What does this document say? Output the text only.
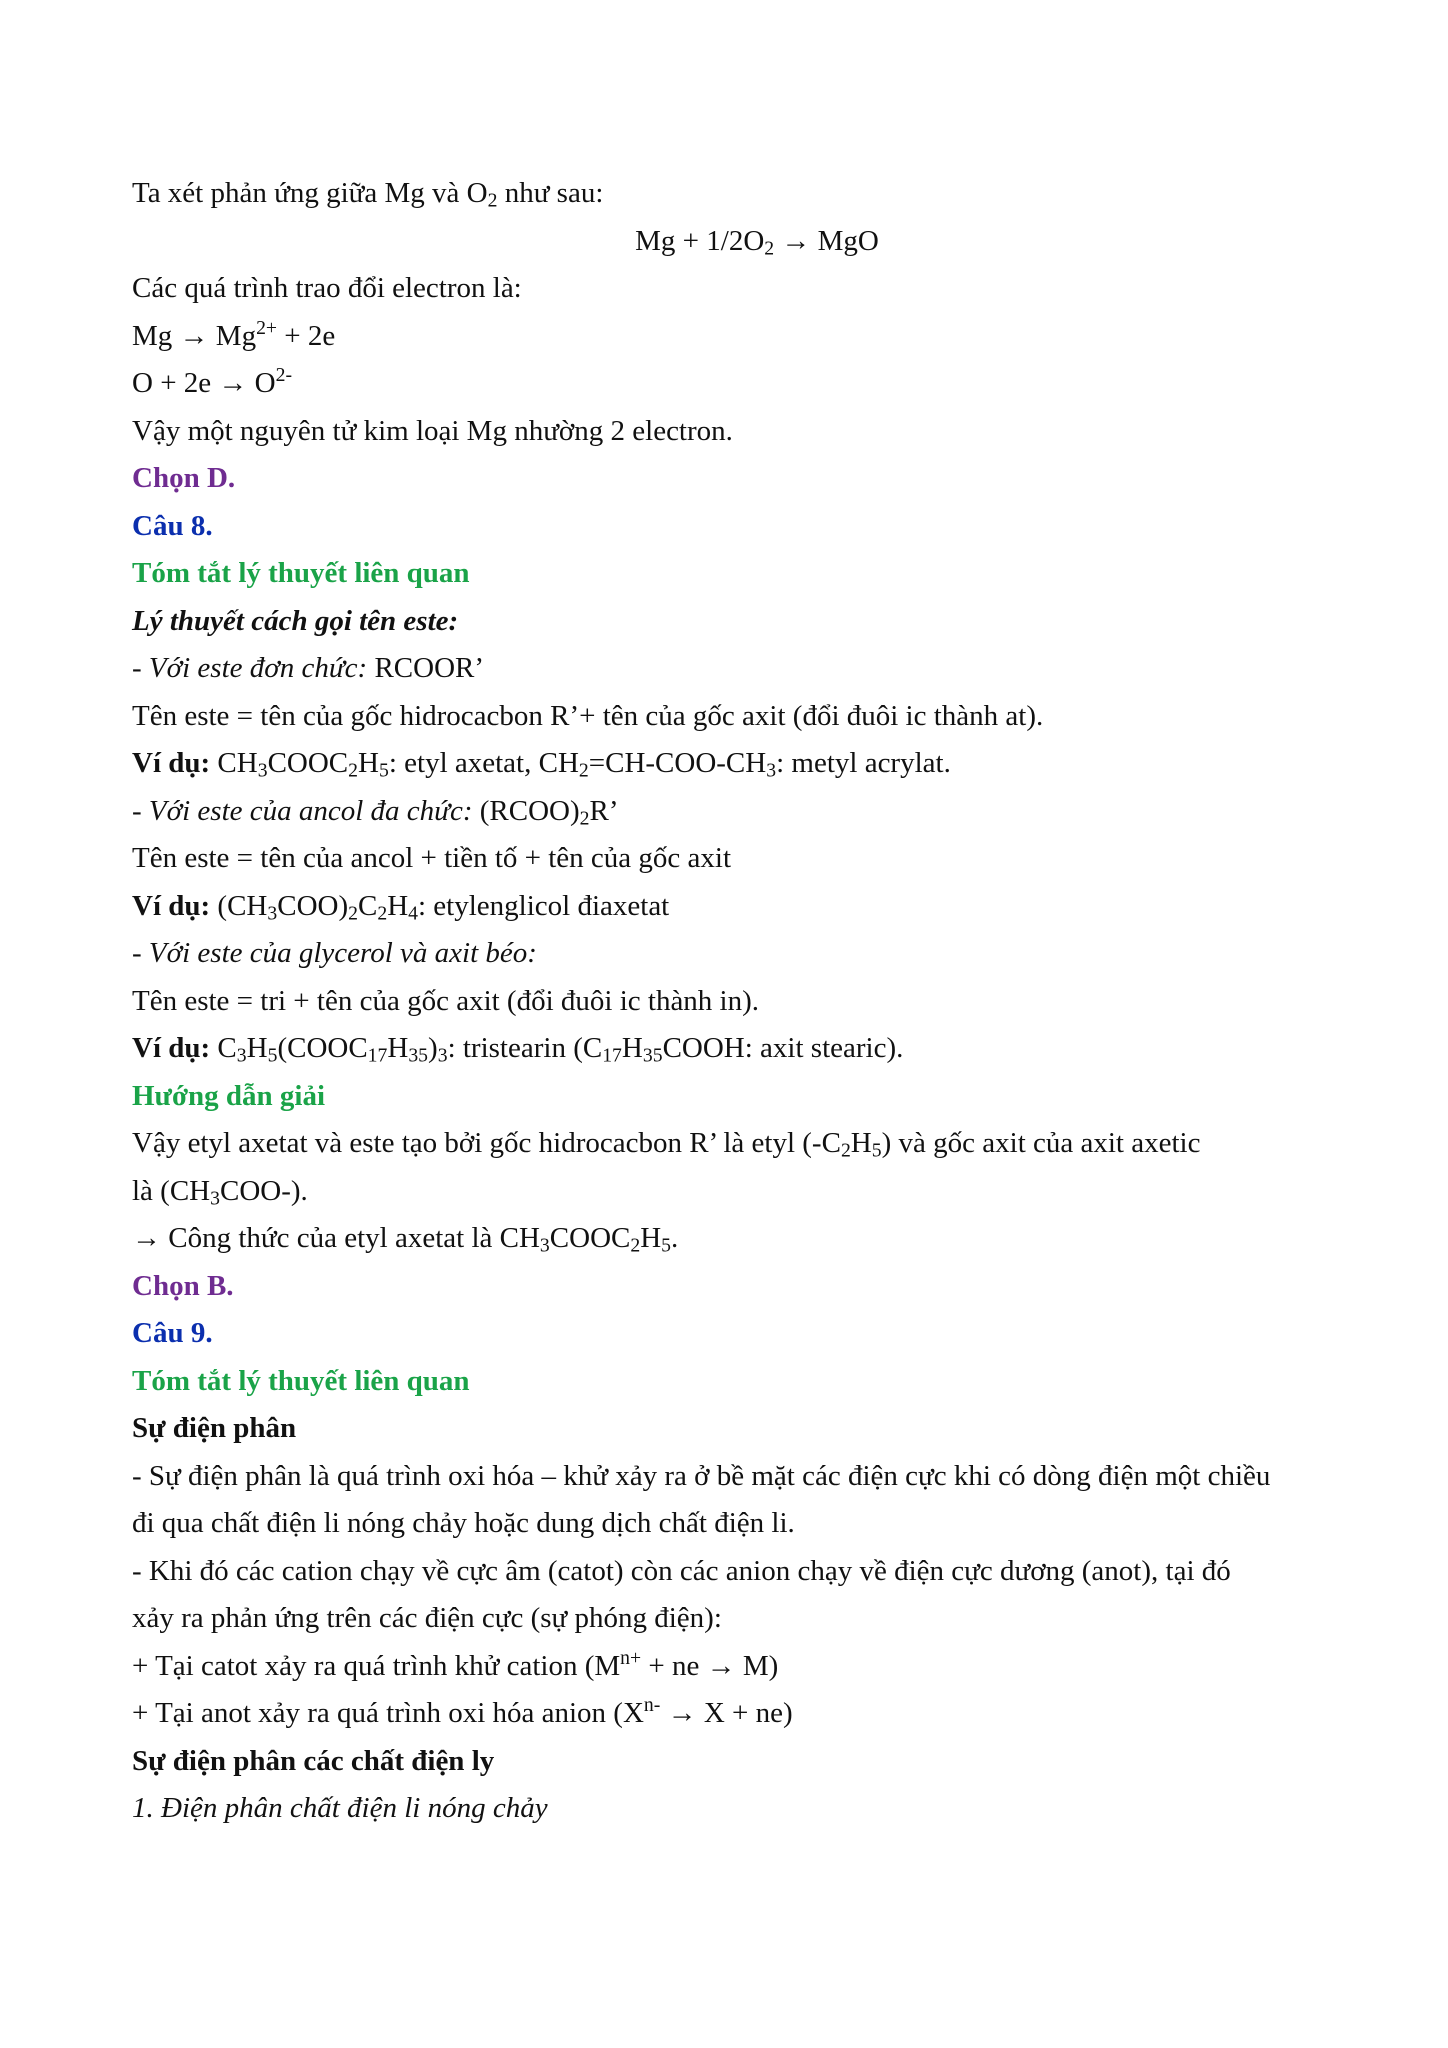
Ta xét phản ứng giữa Mg và $O_2$ như sau:
$Mg + 1/2O_2$ → MgO
Các quá trình trao đổi electron là:
$Mg \to Mg^{2+} + 2e$
$O + 2e \to O^{2-}$
Vậy một nguyên tử kim loại Mg nhường 2 electron.
Chọn D.
Câu 8.
Tóm tắt lý thuyết liên quan
Lý thuyết cách gọi tên este:
- Với este đơn chức: RCOOR’
Tên este = tên của gốc hidrocacbon R’+ tên của gốc axit (đổi đuôi ic thành at).
Ví dụ: $CH_3COOC_2H_5$: etyl axetat, $CH_2=CH-COO-CH_3$: metyl acrylat.
- Với este của ancol đa chức: $(RCOO)_2R$’
Tên este = tên của ancol + tiền tố + tên của gốc axit
Ví dụ: $(CH_3COO)_2C_2H_4$: etylenglicol điaxetat
- Với este của glycerol và axit béo:
Tên este = tri + tên của gốc axit (đổi đuôi ic thành in).
Ví dụ: $C_3H_5(COOC_{17}H_{35})_3$: tristearin ($C_{17}H_{35}COOH$: axit stearic).
Hướng dẫn giải
Vậy etyl axetat và este tạo bởi gốc hidrocacbon R’ là etyl $(-C_2H_5)$ và gốc axit của axit axetic
là $(CH_3COO-)$.
→ Công thức của etyl axetat là $CH_3COOC_2H_5$.
Chọn B.
Câu 9.
Tóm tắt lý thuyết liên quan
Sự điện phân
- Sự điện phân là quá trình oxi hóa – khử xảy ra ở bề mặt các điện cực khi có dòng điện một chiều
đi qua chất điện li nóng chảy hoặc dung dịch chất điện li.
- Khi đó các cation chạy về cực âm (catot) còn các anion chạy về điện cực dương (anot), tại đó
xảy ra phản ứng trên các điện cực (sự phóng điện):
+ Tại catot xảy ra quá trình khử cation ($M^{n+}$ + ne → M)
+ Tại anot xảy ra quá trình oxi hóa anion $(X^{n-} \to X + ne)$
Sự điện phân các chất điện ly
1. Điện phân chất điện li nóng chảy
